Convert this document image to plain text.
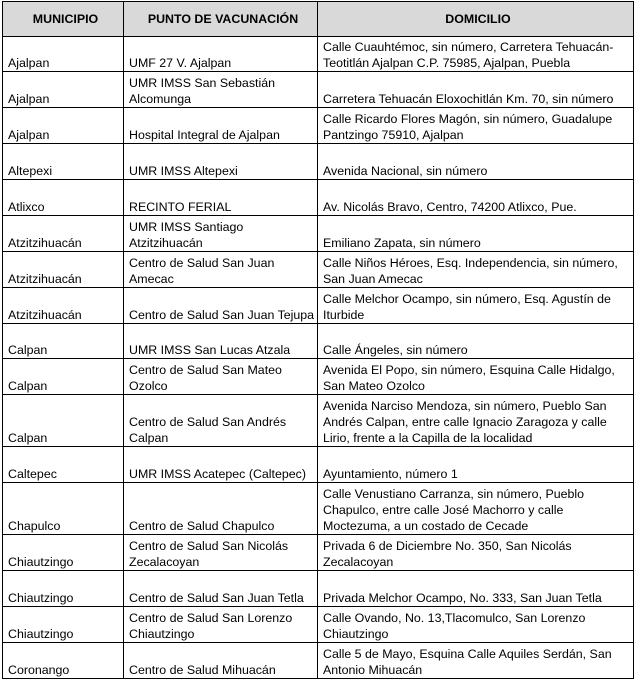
MUNICIPIO	PUNTO DE VACUNACIÓN	DOMICILIO
Ajalpan	UMF 27 V. Ajalpan	Calle Cuauhtémoc, sin número, Carretera Tehuacán-Teotitlán Ajalpan C.P. 75985, Ajalpan, Puebla
Ajalpan	UMR IMSS San Sebastián Alcomunga	Carretera Tehuacán Eloxochitlán Km. 70, sin número
Ajalpan	Hospital Integral de Ajalpan	Calle Ricardo Flores Magón, sin número, Guadalupe Pantzingo 75910, Ajalpan
Altepexi	UMR IMSS Altepexi	Avenida Nacional, sin número
Atlixco	RECINTO FERIAL	Av. Nicolás Bravo, Centro, 74200 Atlixco, Pue.
Atzitzihuacán	UMR IMSS Santiago Atzitzihuacán	Emiliano Zapata, sin número
Atzitzihuacán	Centro de Salud San Juan Amecac	Calle Niños Héroes, Esq. Independencia, sin número, San Juan Amecac
Atzitzihuacán	Centro de Salud San Juan Tejupa	Calle Melchor Ocampo, sin número, Esq. Agustín de Iturbide
Calpan	UMR IMSS San Lucas Atzala	Calle Ángeles, sin número
Calpan	Centro de Salud San Mateo Ozolco	Avenida El Popo, sin número, Esquina Calle Hidalgo, San Mateo Ozolco
Calpan	Centro de Salud San Andrés Calpan	Avenida Narciso Mendoza, sin número, Pueblo San Andrés Calpan, entre calle Ignacio Zaragoza y calle Lirio, frente a la Capilla de la localidad
Caltepec	UMR IMSS Acatepec (Caltepec)	Ayuntamiento, número 1
Chapulco	Centro de Salud Chapulco	Calle Venustiano Carranza, sin número, Pueblo Chapulco, entre calle José Machorro y calle Moctezuma, a un costado de Cecade
Chiautzingo	Centro de Salud San Nicolás Zecalacoyan	Privada 6 de Diciembre No. 350, San Nicolás Zecalacoyan
Chiautzingo	Centro de Salud San Juan Tetla	Privada Melchor Ocampo, No. 333, San Juan Tetla
Chiautzingo	Centro de Salud San Lorenzo Chiautzingo	Calle Ovando, No. 13,Tlacomulco, San Lorenzo Chiautzingo
Coronango	Centro de Salud Mihuacán	Calle 5 de Mayo, Esquina Calle Aquiles Serdán, San Antonio Mihuacán
